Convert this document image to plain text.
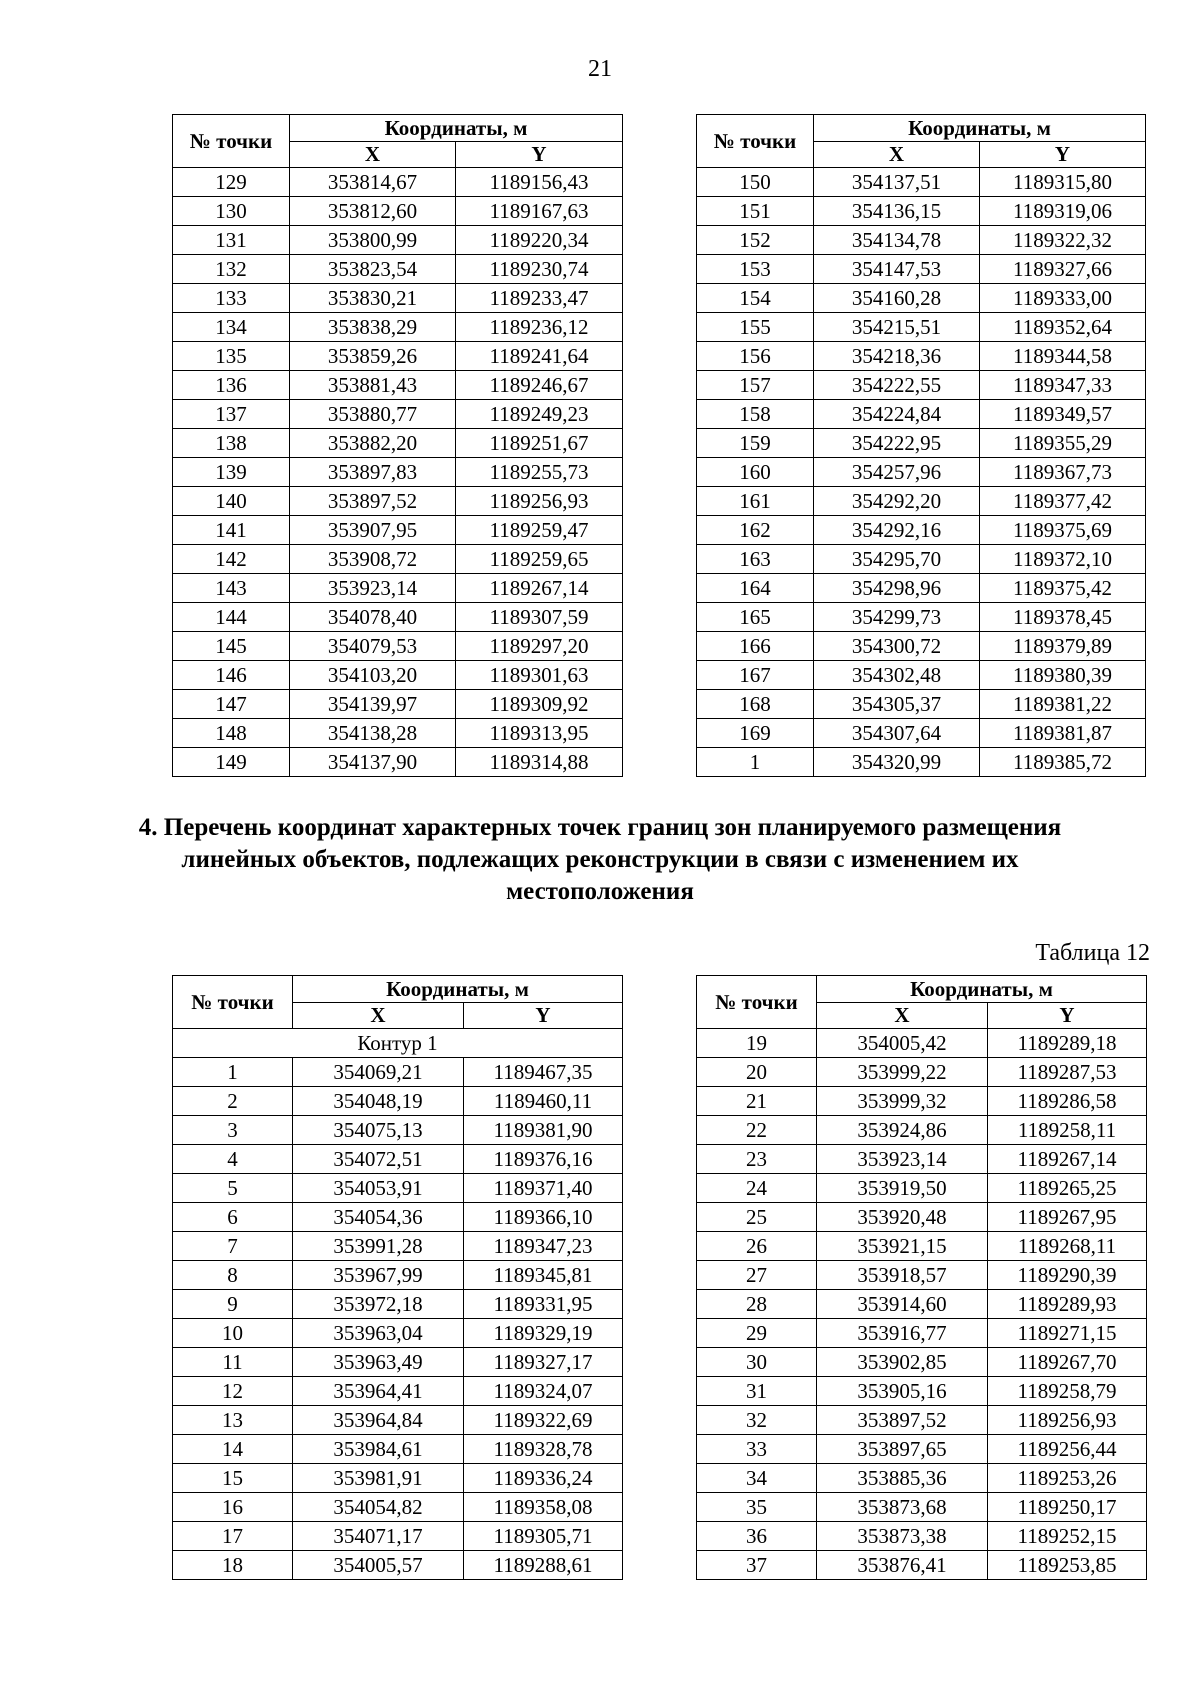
21
№ точки	Координаты, м	
	X	Y
129	353814,67	1189156,43
130	353812,60	1189167,63
131	353800,99	1189220,34
132	353823,54	1189230,74
133	353830,21	1189233,47
134	353838,29	1189236,12
135	353859,26	1189241,64
136	353881,43	1189246,67
137	353880,77	1189249,23
138	353882,20	1189251,67
139	353897,83	1189255,73
140	353897,52	1189256,93
141	353907,95	1189259,47
142	353908,72	1189259,65
143	353923,14	1189267,14
144	354078,40	1189307,59
145	354079,53	1189297,20
146	354103,20	1189301,63
147	354139,97	1189309,92
148	354138,28	1189313,95
149	354137,90	1189314,88
№ точки	Координаты, м	
	X	Y
150	354137,51	1189315,80
151	354136,15	1189319,06
152	354134,78	1189322,32
153	354147,53	1189327,66
154	354160,28	1189333,00
155	354215,51	1189352,64
156	354218,36	1189344,58
157	354222,55	1189347,33
158	354224,84	1189349,57
159	354222,95	1189355,29
160	354257,96	1189367,73
161	354292,20	1189377,42
162	354292,16	1189375,69
163	354295,70	1189372,10
164	354298,96	1189375,42
165	354299,73	1189378,45
166	354300,72	1189379,89
167	354302,48	1189380,39
168	354305,37	1189381,22
169	354307,64	1189381,87
1	354320,99	1189385,72
4. Перечень координат характерных точек границ зон планируемого размещения линейных объектов, подлежащих реконструкции в связи с изменением их местоположения
Таблица 12
№ точки	Координаты, м	
	X	Y
Контур 1		
1	354069,21	1189467,35
2	354048,19	1189460,11
3	354075,13	1189381,90
4	354072,51	1189376,16
5	354053,91	1189371,40
6	354054,36	1189366,10
7	353991,28	1189347,23
8	353967,99	1189345,81
9	353972,18	1189331,95
10	353963,04	1189329,19
11	353963,49	1189327,17
12	353964,41	1189324,07
13	353964,84	1189322,69
14	353984,61	1189328,78
15	353981,91	1189336,24
16	354054,82	1189358,08
17	354071,17	1189305,71
18	354005,57	1189288,61
№ точки	Координаты, м	
	X	Y
19	354005,42	1189289,18
20	353999,22	1189287,53
21	353999,32	1189286,58
22	353924,86	1189258,11
23	353923,14	1189267,14
24	353919,50	1189265,25
25	353920,48	1189267,95
26	353921,15	1189268,11
27	353918,57	1189290,39
28	353914,60	1189289,93
29	353916,77	1189271,15
30	353902,85	1189267,70
31	353905,16	1189258,79
32	353897,52	1189256,93
33	353897,65	1189256,44
34	353885,36	1189253,26
35	353873,68	1189250,17
36	353873,38	1189252,15
37	353876,41	1189253,85
